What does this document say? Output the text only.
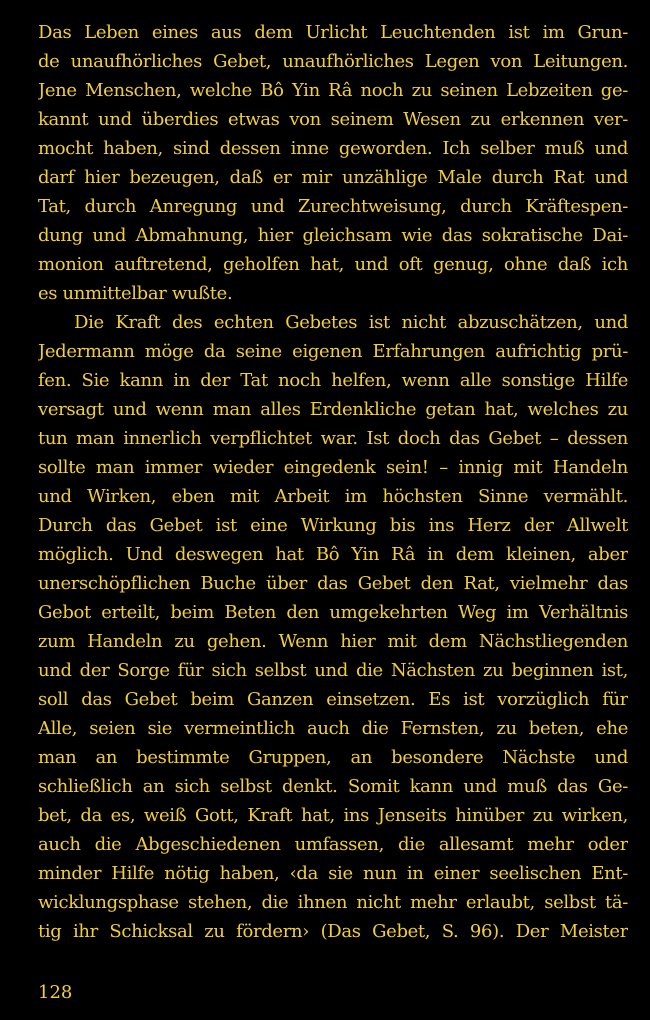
Das Leben eines aus dem Urlicht Leuchtenden ist im Grun-
de unaufhörliches Gebet, unaufhörliches Legen von Leitungen.
Jene Menschen, welche Bô Yin Râ noch zu seinen Lebzeiten ge-
kannt und überdies etwas von seinem Wesen zu erkennen ver-
mocht haben, sind dessen inne geworden. Ich selber muß und
darf hier bezeugen, daß er mir unzählige Male durch Rat und
Tat, durch Anregung und Zurechtweisung, durch Kräftespen-
dung und Abmahnung, hier gleichsam wie das sokratische Dai-
monion auftretend, geholfen hat, und oft genug, ohne daß ich
es unmittelbar wußte.
Die Kraft des echten Gebetes ist nicht abzuschätzen, und
Jedermann möge da seine eigenen Erfahrungen aufrichtig prü-
fen. Sie kann in der Tat noch helfen, wenn alle sonstige Hilfe
versagt und wenn man alles Erdenkliche getan hat, welches zu
tun man innerlich verpflichtet war. Ist doch das Gebet – dessen
sollte man immer wieder eingedenk sein! – innig mit Handeln
und Wirken, eben mit Arbeit im höchsten Sinne vermählt.
Durch das Gebet ist eine Wirkung bis ins Herz der Allwelt
möglich. Und deswegen hat Bô Yin Râ in dem kleinen, aber
unerschöpflichen Buche über das Gebet den Rat, vielmehr das
Gebot erteilt, beim Beten den umgekehrten Weg im Verhältnis
zum Handeln zu gehen. Wenn hier mit dem Nächstliegenden
und der Sorge für sich selbst und die Nächsten zu beginnen ist,
soll das Gebet beim Ganzen einsetzen. Es ist vorzüglich für
Alle, seien sie vermeintlich auch die Fernsten, zu beten, ehe
man an bestimmte Gruppen, an besondere Nächste und
schließlich an sich selbst denkt. Somit kann und muß das Ge-
bet, da es, weiß Gott, Kraft hat, ins Jenseits hinüber zu wirken,
auch die Abgeschiedenen umfassen, die allesamt mehr oder
minder Hilfe nötig haben, ‹da sie nun in einer seelischen Ent-
wicklungsphase stehen, die ihnen nicht mehr erlaubt, selbst tä-
tig ihr Schicksal zu fördern› (Das Gebet, S. 96). Der Meister
128
